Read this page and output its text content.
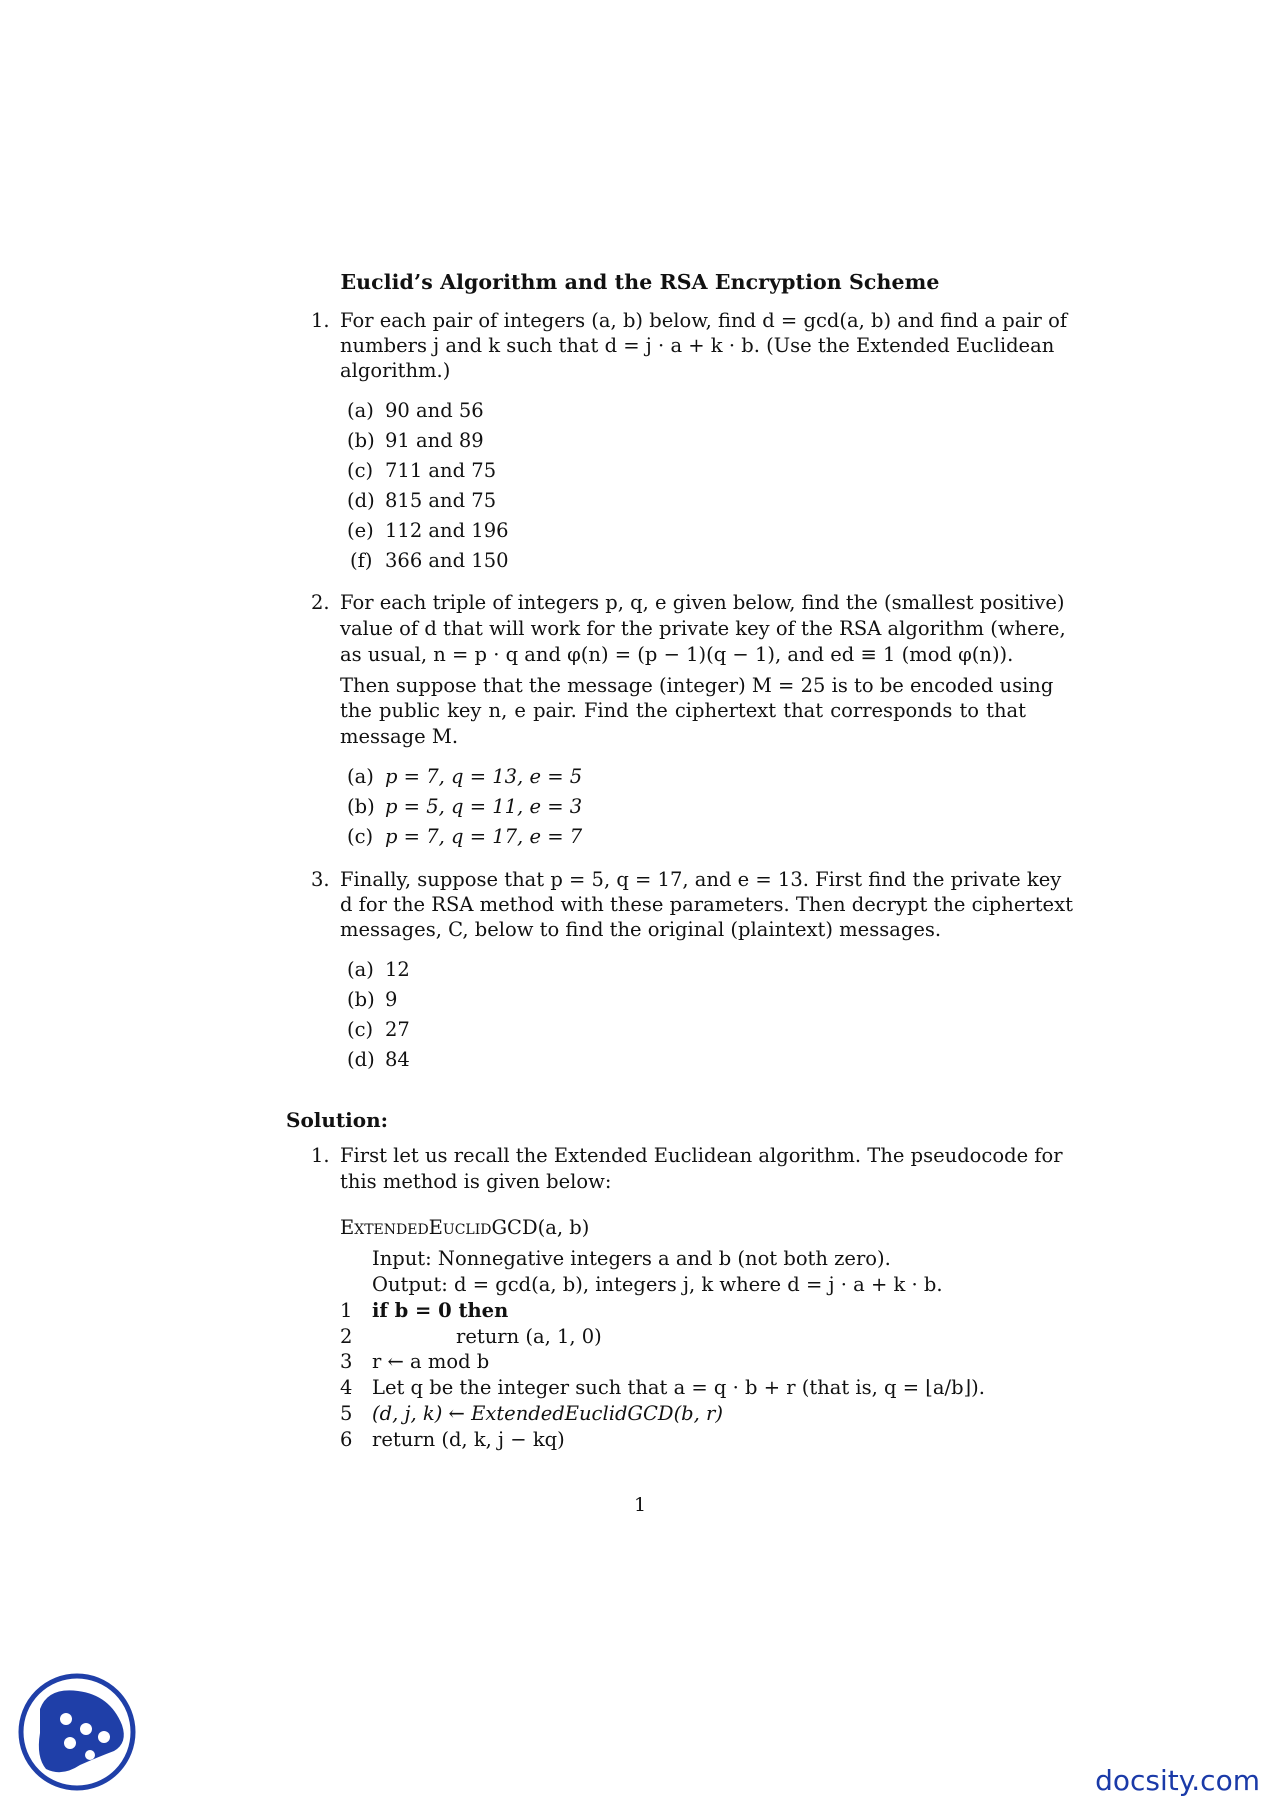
Euclid’s Algorithm and the RSA Encryption Scheme
1. For each pair of integers (a, b) below, find d = gcd(a, b) and find a pair of
numbers j and k such that d = j · a + k · b. (Use the Extended Euclidean
algorithm.)
(a) 90 and 56
(b) 91 and 89
(c) 711 and 75
(d) 815 and 75
(e) 112 and 196
(f) 366 and 150
2. For each triple of integers p, q, e given below, find the (smallest positive)
value of d that will work for the private key of the RSA algorithm (where,
as usual, n = p · q and φ(n) = (p − 1)(q − 1), and ed ≡ 1 (mod φ(n)).
Then suppose that the message (integer) M = 25 is to be encoded using
the public key n, e pair. Find the ciphertext that corresponds to that
message M.
(a) p = 7, q = 13, e = 5
(b) p = 5, q = 11, e = 3
(c) p = 7, q = 17, e = 7
3. Finally, suppose that p = 5, q = 17, and e = 13. First find the private key
d for the RSA method with these parameters. Then decrypt the ciphertext
messages, C, below to find the original (plaintext) messages.
(a) 12
(b) 9
(c) 27
(d) 84
Solution:
1. First let us recall the Extended Euclidean algorithm. The pseudocode for
this method is given below:
ExtendedEuclidGCD(a, b)
Input: Nonnegative integers a and b (not both zero).
Output: d = gcd(a, b), integers j, k where d = j · a + k · b.
1 if b = 0 then
2	return (a, 1, 0)
3 r ← a mod b
4 Let q be the integer such that a = q · b + r (that is, q = ⌊a/b⌋).
5 (d, j, k) ← ExtendedEuclidGCD(b, r)
6 return (d, k, j − kq)
1
docsity.com
